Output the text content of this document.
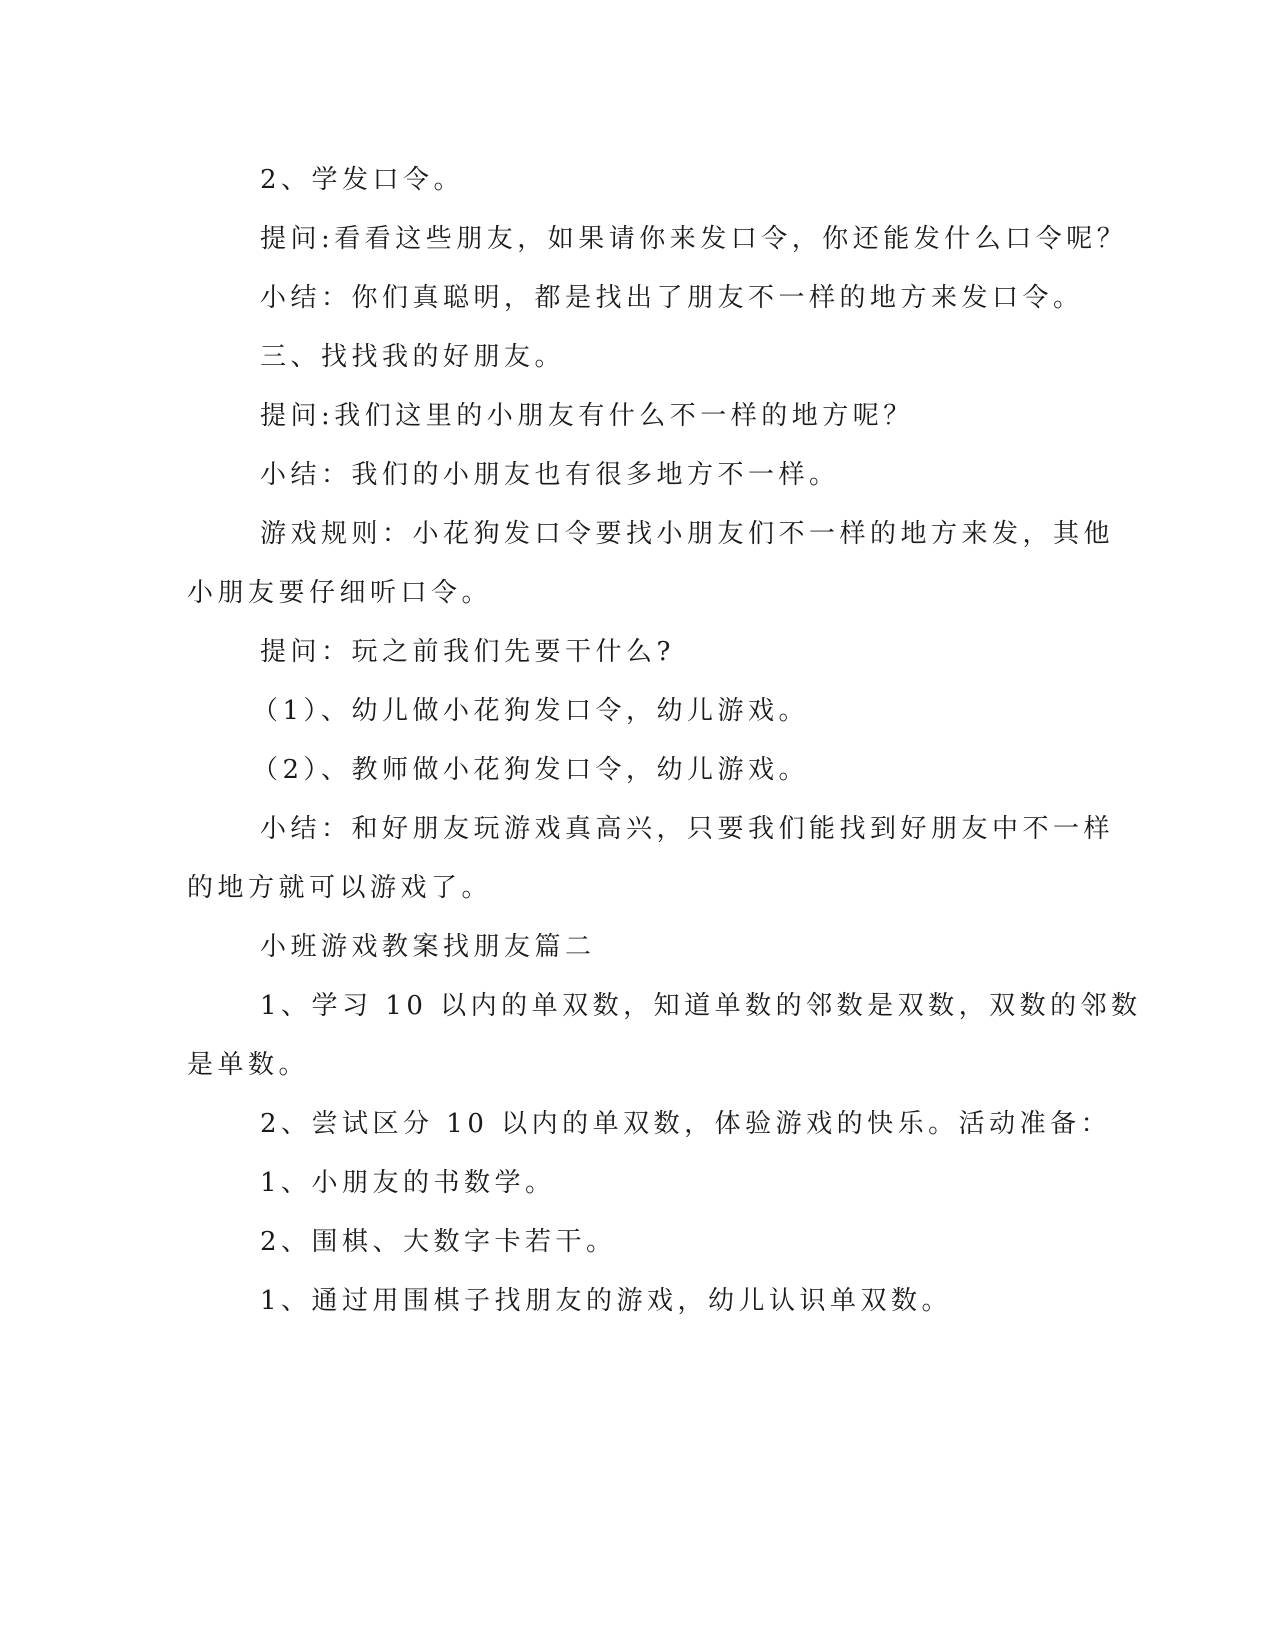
2、学发口令。
提问:看看这些朋友，如果请你来发口令，你还能发什么口令呢？
小结：你们真聪明，都是找出了朋友不一样的地方来发口令。
三、找找我的好朋友。
提问:我们这里的小朋友有什么不一样的地方呢？
小结：我们的小朋友也有很多地方不一样。
游戏规则：小花狗发口令要找小朋友们不一样的地方来发，其他
小朋友要仔细听口令。
提问：玩之前我们先要干什么?
（1）、幼儿做小花狗发口令，幼儿游戏。
（2）、教师做小花狗发口令，幼儿游戏。
小结：和好朋友玩游戏真高兴，只要我们能找到好朋友中不一样
的地方就可以游戏了。
小班游戏教案找朋友篇二
1、学习 10 以内的单双数，知道单数的邻数是双数，双数的邻数
是单数。
2、尝试区分 10 以内的单双数，体验游戏的快乐。活动准备：
1、小朋友的书数学。
2、围棋、大数字卡若干。
1、通过用围棋子找朋友的游戏，幼儿认识单双数。
